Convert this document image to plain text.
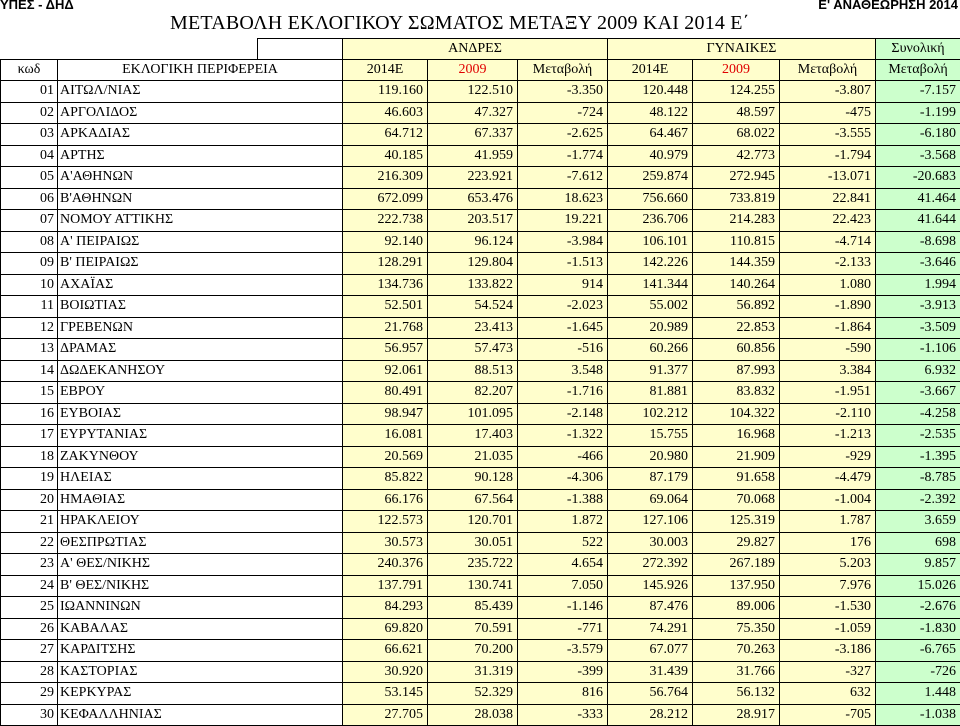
ΥΠΕΣ - ΔΗΔ	Ε' ΑΝΑΘΕΩΡΗΣΗ 2014
ΜΕΤΑΒΟΛΗ ΕΚΛΟΓΙΚΟΥ ΣΩΜΑΤΟΣ ΜΕΤΑΞΥ 2009 ΚΑΙ 2014 Ε΄
			ΑΝΔΡΕΣ			ΓΥΝΑΙΚΕΣ			Συνολική
κωδ	ΕΚΛΟΓΙΚΗ ΠΕΡΙΦΕΡΕΙΑ		2014Ε	2009	Μεταβολή	2014Ε	2009	Μεταβολή	Μεταβολή
01	ΑΙΤΩΛ/ΝΙΑΣ		119.160	122.510	-3.350	120.448	124.255	-3.807	-7.157
02	ΑΡΓΟΛΙΔΟΣ		46.603	47.327	-724	48.122	48.597	-475	-1.199
03	ΑΡΚΑΔΙΑΣ		64.712	67.337	-2.625	64.467	68.022	-3.555	-6.180
04	ΑΡΤΗΣ		40.185	41.959	-1.774	40.979	42.773	-1.794	-3.568
05	Α'ΑΘΗΝΩΝ		216.309	223.921	-7.612	259.874	272.945	-13.071	-20.683
06	Β'ΑΘΗΝΩΝ		672.099	653.476	18.623	756.660	733.819	22.841	41.464
07	ΝΟΜΟΥ ΑΤΤΙΚΗΣ		222.738	203.517	19.221	236.706	214.283	22.423	41.644
08	Α' ΠΕΙΡΑΙΩΣ		92.140	96.124	-3.984	106.101	110.815	-4.714	-8.698
09	Β' ΠΕΙΡΑΙΩΣ		128.291	129.804	-1.513	142.226	144.359	-2.133	-3.646
10	ΑΧΑΪΑΣ		134.736	133.822	914	141.344	140.264	1.080	1.994
11	ΒΟΙΩΤΙΑΣ		52.501	54.524	-2.023	55.002	56.892	-1.890	-3.913
12	ΓΡΕΒΕΝΩΝ		21.768	23.413	-1.645	20.989	22.853	-1.864	-3.509
13	ΔΡΑΜΑΣ		56.957	57.473	-516	60.266	60.856	-590	-1.106
14	ΔΩΔΕΚΑΝΗΣΟΥ		92.061	88.513	3.548	91.377	87.993	3.384	6.932
15	ΕΒΡΟΥ		80.491	82.207	-1.716	81.881	83.832	-1.951	-3.667
16	ΕΥΒΟΙΑΣ		98.947	101.095	-2.148	102.212	104.322	-2.110	-4.258
17	ΕΥΡΥΤΑΝΙΑΣ		16.081	17.403	-1.322	15.755	16.968	-1.213	-2.535
18	ΖΑΚΥΝΘΟΥ		20.569	21.035	-466	20.980	21.909	-929	-1.395
19	ΗΛΕΙΑΣ		85.822	90.128	-4.306	87.179	91.658	-4.479	-8.785
20	ΗΜΑΘΙΑΣ		66.176	67.564	-1.388	69.064	70.068	-1.004	-2.392
21	ΗΡΑΚΛΕΙΟΥ		122.573	120.701	1.872	127.106	125.319	1.787	3.659
22	ΘΕΣΠΡΩΤΙΑΣ		30.573	30.051	522	30.003	29.827	176	698
23	Α' ΘΕΣ/ΝΙΚΗΣ		240.376	235.722	4.654	272.392	267.189	5.203	9.857
24	Β' ΘΕΣ/ΝΙΚΗΣ		137.791	130.741	7.050	145.926	137.950	7.976	15.026
25	ΙΩΑΝΝΙΝΩΝ		84.293	85.439	-1.146	87.476	89.006	-1.530	-2.676
26	ΚΑΒΑΛΑΣ		69.820	70.591	-771	74.291	75.350	-1.059	-1.830
27	ΚΑΡΔΙΤΣΗΣ		66.621	70.200	-3.579	67.077	70.263	-3.186	-6.765
28	ΚΑΣΤΟΡΙΑΣ		30.920	31.319	-399	31.439	31.766	-327	-726
29	ΚΕΡΚΥΡΑΣ		53.145	52.329	816	56.764	56.132	632	1.448
30	ΚΕΦΑΛΛΗΝΙΑΣ		27.705	28.038	-333	28.212	28.917	-705	-1.038
